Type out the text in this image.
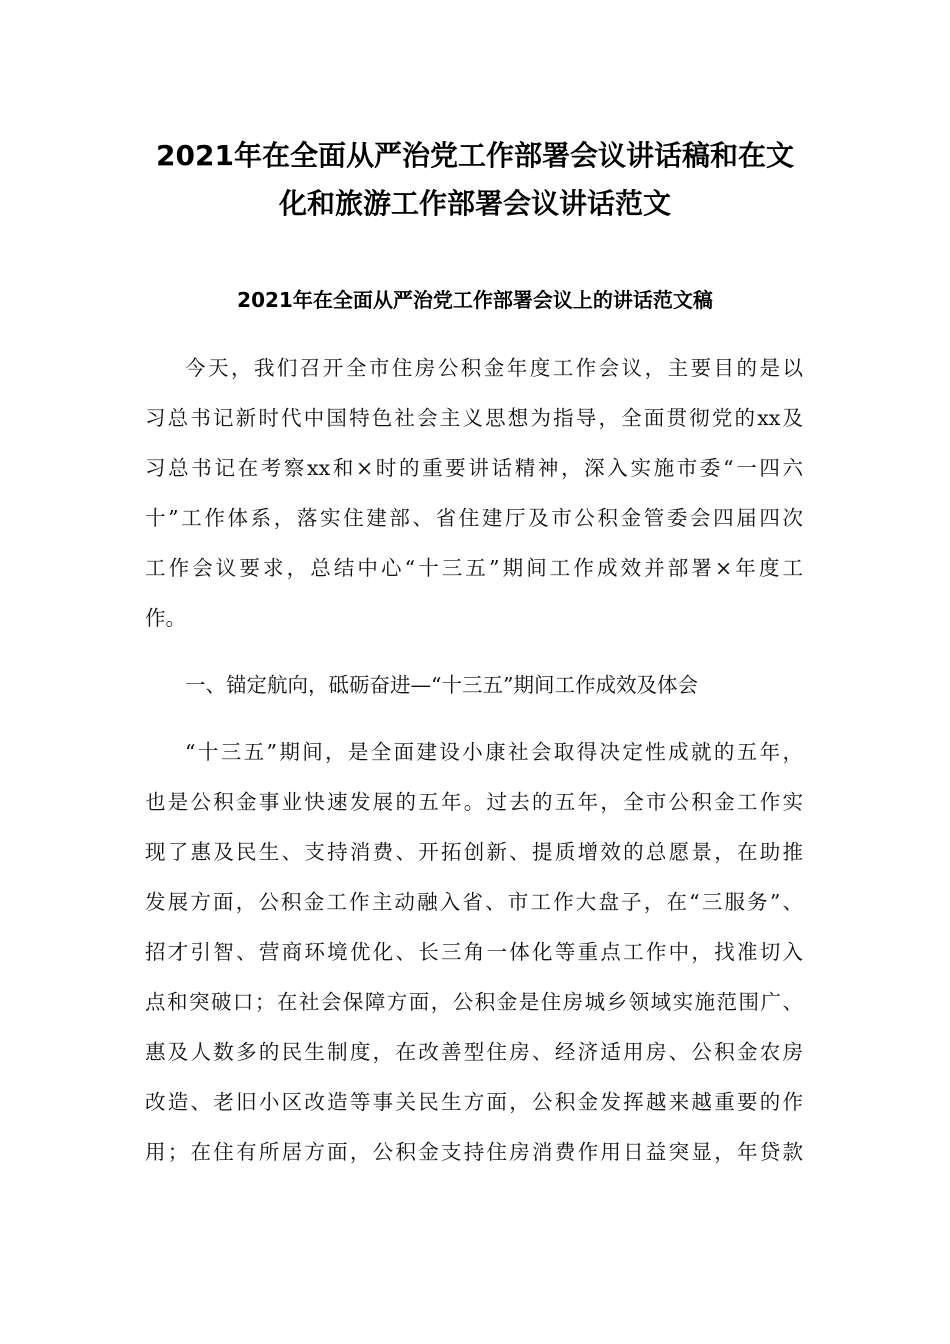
2021年在全面从严治党工作部署会议讲话稿和在文
化和旅游工作部署会议讲话范文
2021年在全面从严治党工作部署会议上的讲话范文稿
今天，我们召开全市住房公积金年度工作会议，主要目的是以
习总书记新时代中国特色社会主义思想为指导，全面贯彻党的xx及
习总书记在考察xx和×时的重要讲话精神，深入实施市委“一四六
十”工作体系，落实住建部、省住建厅及市公积金管委会四届四次
工作会议要求，总结中心“十三五”期间工作成效并部署×年度工
作。
一、锚定航向，砥砺奋进—“十三五”期间工作成效及体会
“十三五”期间，是全面建设小康社会取得决定性成就的五年，
也是公积金事业快速发展的五年。过去的五年，全市公积金工作实
现了惠及民生、支持消费、开拓创新、提质增效的总愿景，在助推
发展方面，公积金工作主动融入省、市工作大盘子，在“三服务”、
招才引智、营商环境优化、长三角一体化等重点工作中，找准切入
点和突破口；在社会保障方面，公积金是住房城乡领域实施范围广、
惠及人数多的民生制度，在改善型住房、经济适用房、公积金农房
改造、老旧小区改造等事关民生方面，公积金发挥越来越重要的作
用；在住有所居方面，公积金支持住房消费作用日益突显，年贷款
